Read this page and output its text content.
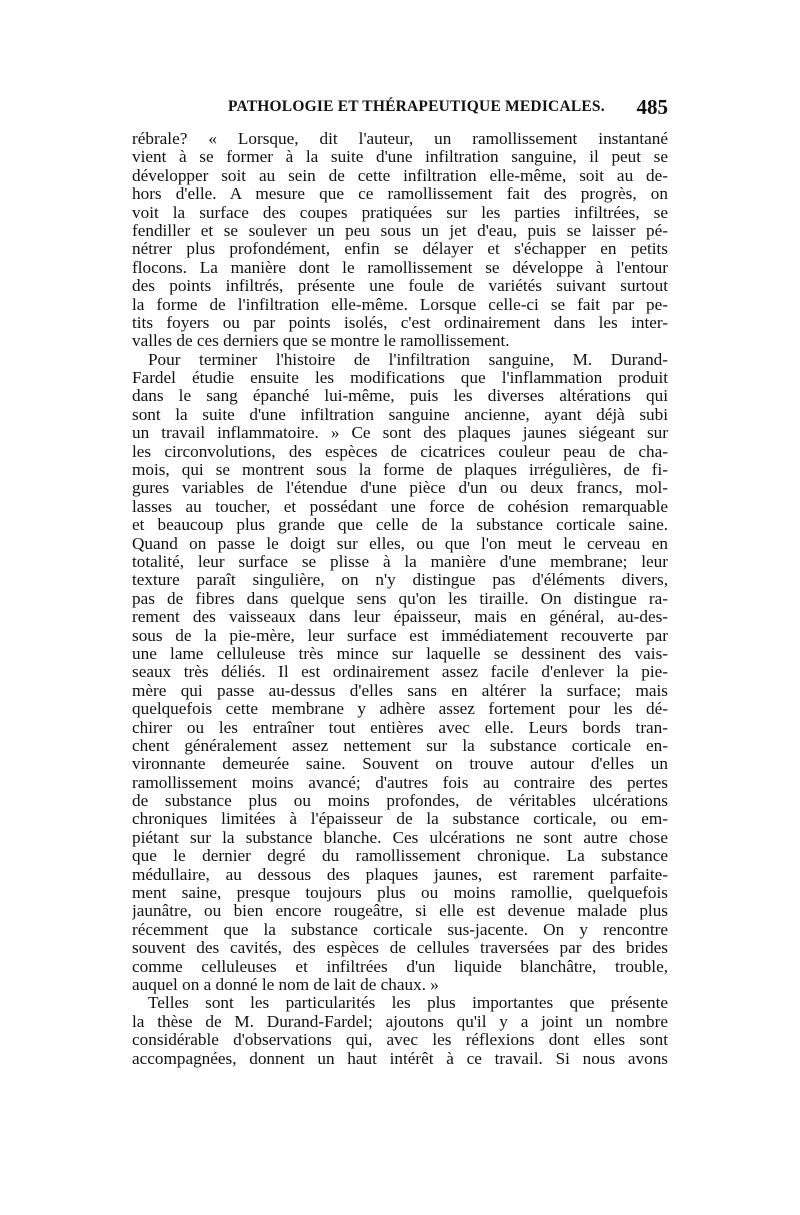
PATHOLOGIE ET THÉRAPEUTIQUE MEDICALES. 485
rébrale? « Lorsque, dit l'auteur, un ramollissement instantané
vient à se former à la suite d'une infiltration sanguine, il peut se
développer soit au sein de cette infiltration elle-même, soit au de-
hors d'elle. A mesure que ce ramollissement fait des progrès, on
voit la surface des coupes pratiquées sur les parties infiltrées, se
fendiller et se soulever un peu sous un jet d'eau, puis se laisser pé-
nétrer plus profondément, enfin se délayer et s'échapper en petits
flocons. La manière dont le ramollissement se développe à l'entour
des points infiltrés, présente une foule de variétés suivant surtout
la forme de l'infiltration elle-même. Lorsque celle-ci se fait par pe-
tits foyers ou par points isolés, c'est ordinairement dans les inter-
valles de ces derniers que se montre le ramollissement.
Pour terminer l'histoire de l'infiltration sanguine, M. Durand-
Fardel étudie ensuite les modifications que l'inflammation produit
dans le sang épanché lui-même, puis les diverses altérations qui
sont la suite d'une infiltration sanguine ancienne, ayant déjà subi
un travail inflammatoire. » Ce sont des plaques jaunes siégeant sur
les circonvolutions, des espèces de cicatrices couleur peau de cha-
mois, qui se montrent sous la forme de plaques irrégulières, de fi-
gures variables de l'étendue d'une pièce d'un ou deux francs, mol-
lasses au toucher, et possédant une force de cohésion remarquable
et beaucoup plus grande que celle de la substance corticale saine.
Quand on passe le doigt sur elles, ou que l'on meut le cerveau en
totalité, leur surface se plisse à la manière d'une membrane; leur
texture paraît singulière, on n'y distingue pas d'éléments divers,
pas de fibres dans quelque sens qu'on les tiraille. On distingue ra-
rement des vaisseaux dans leur épaisseur, mais en général, au-des-
sous de la pie-mère, leur surface est immédiatement recouverte par
une lame celluleuse très mince sur laquelle se dessinent des vais-
seaux très déliés. Il est ordinairement assez facile d'enlever la pie-
mère qui passe au-dessus d'elles sans en altérer la surface; mais
quelquefois cette membrane y adhère assez fortement pour les dé-
chirer ou les entraîner tout entières avec elle. Leurs bords tran-
chent généralement assez nettement sur la substance corticale en-
vironnante demeurée saine. Souvent on trouve autour d'elles un
ramollissement moins avancé; d'autres fois au contraire des pertes
de substance plus ou moins profondes, de véritables ulcérations
chroniques limitées à l'épaisseur de la substance corticale, ou em-
piétant sur la substance blanche. Ces ulcérations ne sont autre chose
que le dernier degré du ramollissement chronique. La substance
médullaire, au dessous des plaques jaunes, est rarement parfaite-
ment saine, presque toujours plus ou moins ramollie, quelquefois
jaunâtre, ou bien encore rougeâtre, si elle est devenue malade plus
récemment que la substance corticale sus-jacente. On y rencontre
souvent des cavités, des espèces de cellules traversées par des brides
comme celluleuses et infiltrées d'un liquide blanchâtre, trouble,
auquel on a donné le nom de lait de chaux. »
Telles sont les particularités les plus importantes que présente
la thèse de M. Durand-Fardel; ajoutons qu'il y a joint un nombre
considérable d'observations qui, avec les réflexions dont elles sont
accompagnées, donnent un haut intérêt à ce travail. Si nous avons
